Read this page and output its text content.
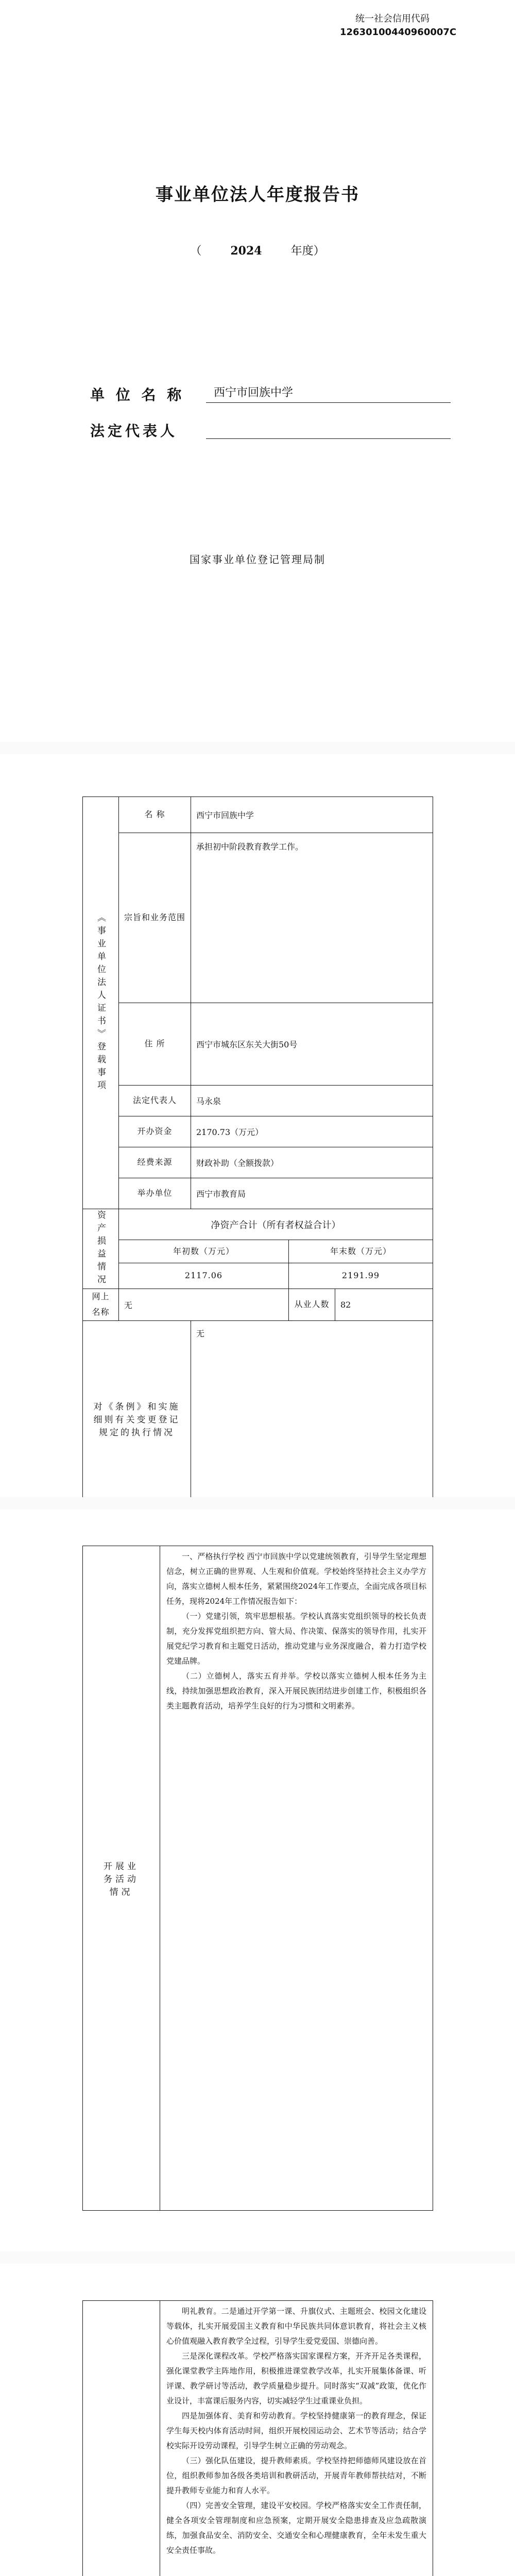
统一社会信用代码
12630100440960007C
事业单位法人年度报告书
（	2024	年度）
单 位 名 称	西宁市回族中学
法定代表人
国家事业单位登记管理局制
《事业单位法人证书》登载事项	名 称	西宁市回族中学		
	宗旨和业务范围	承担初中阶段教育教学工作。		
	住 所	西宁市城东区东关大街50号		
	法定代表人	马永泉		
	开办资金	2170.73（万元）		
	经费来源	财政补助（全额拨款）		
	举办单位	西宁市教育局		
资产损益情况	净资产合计（所有者权益合计）			
	年初数（万元）		年末数（万元）	
	2117.06		2191.99	
网上名称	无		从业人数	82
对《条例》和实施细则有关变更登记规定的执行情况		无		
开展业务活动情况	

一、严格执行学校 西宁市回族中学以党建统领教育，引导学生坚定理想信念，树立正确的世界观、人生观和价值观。学校始终坚持社会主义办学方向，落实立德树人根本任务，紧紧围绕2024年工作要点，全面完成各项目标任务，现将2024年工作情况报告如下：

（一）党建引领，筑牢思想根基。学校认真落实党组织领导的校长负责制，充分发挥党组织把方向、管大局、作决策、保落实的领导作用，扎实开展党纪学习教育和主题党日活动，推动党建与业务深度融合，着力打造学校党建品牌。

（二）立德树人，落实五育并举。学校以落实立德树人根本任务为主线，持续加强思想政治教育，深入开展民族团结进步创建工作，积极组织各类主题教育活动，培养学生良好的行为习惯和文明素养。

明礼教育。二是通过开学第一课、升旗仪式、主题班会、校园文化建设等载体，扎实开展爱国主义教育和中华民族共同体意识教育，将社会主义核心价值观融入教育教学全过程，引导学生爱党爱国、崇德向善。

三是深化课程改革。学校严格落实国家课程方案，开齐开足各类课程，强化课堂教学主阵地作用，积极推进课堂教学改革，扎实开展集体备课、听评课、教学研讨等活动，教学质量稳步提升。同时落实“双减”政策，优化作业设计，丰富课后服务内容，切实减轻学生过重课业负担。

四是加强体育、美育和劳动教育。学校坚持健康第一的教育理念，保证学生每天校内体育活动时间，组织开展校园运动会、艺术节等活动；结合学校实际开设劳动课程，引导学生树立正确的劳动观念。

（三）强化队伍建设，提升教师素质。学校坚持把师德师风建设放在首位，组织教师参加各级各类培训和教研活动，开展青年教师帮扶结对，不断提升教师专业能力和育人水平。

（四）完善安全管理，建设平安校园。学校严格落实安全工作责任制，健全各项安全管理制度和应急预案，定期开展安全隐患排查及应急疏散演练，加强食品安全、消防安全、交通安全和心理健康教育，全年未发生重大安全责任事故。
